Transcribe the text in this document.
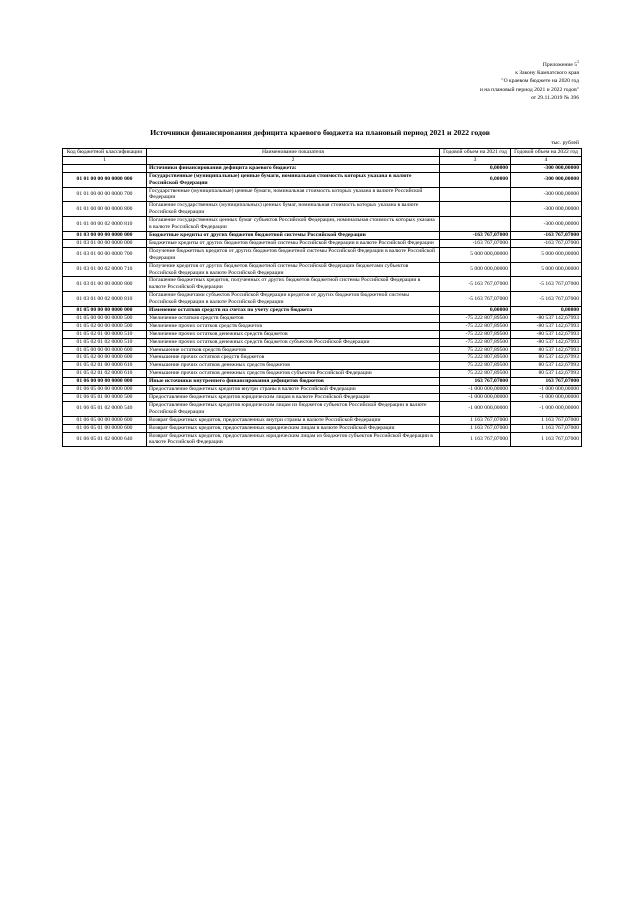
Приложение $5^1$
к Закону Камчатского края
"О краевом бюджете на 2020 год
и на плановый период 2021 и 2022 годов"
от 29.11.2019 № 396
Источники финансирования дефицита краевого бюджета на плановый период 2021 и 2022 годов
тыс. рублей
Код бюджетной классификации	Наименование показателя	Годовой объем на 2021 год	Годовой объем на 2022 год
1	2	3	4
	Источники финансирования дефицита краевого бюджета:	0,00000	-300 000,00000
01 01 00 00 00 0000 000	Государственные (муниципальные) ценные бумаги, номинальная стоимость которых указана в валюте Российской Федерации	0,00000	-300 000,00000
01 01 00 00 00 0000 700	Государственные (муниципальные) ценные бумаги, номинальная стоимость которых указана в валюте Российской Федерации		-300 000,00000
01 01 00 00 00 0000 800	Погашение государственных (муниципальных) ценных бумаг, номинальная стоимость которых указана в валюте Российской Федерации		-300 000,00000
01 01 00 00 02 0000 810	Погашение государственных ценных бумаг субъектов Российской Федерации, номинальная стоимость которых указана в валюте Российской Федерации		-300 000,00000
01 03 00 00 00 0000 000	Бюджетные кредиты от других бюджетов бюджетной системы Российской Федерации	-163 767,07000	-163 767,07000
01 03 01 00 00 0000 000	Бюджетные кредиты от других бюджетов бюджетной системы Российской Федерации в валюте Российской Федерации	-163 767,07000	-163 767,07000
01 03 01 00 00 0000 700	Получение бюджетных кредитов от других бюджетов бюджетной системы Российской Федерации в валюте Российской Федерации	5 000 000,00000	5 000 000,00000
01 03 01 00 02 0000 710	Получение кредитов от других бюджетов бюджетной системы Российской Федерации бюджетами субъектов Российской Федерации в валюте Российской Федерации	5 000 000,00000	5 000 000,00000
01 03 01 00 00 0000 800	Погашение бюджетных кредитов, полученных от других бюджетов бюджетной системы Российской Федерации в валюте Российской Федерации	-5 163 767,07000	-5 163 767,07000
01 03 01 00 02 0000 810	Погашение бюджетами субъектов Российской Федерации кредитов от других бюджетов бюджетной системы Российской Федерации в валюте Российской Федерации	-5 163 767,07000	-5 163 767,07000
01 05 00 00 00 0000 000	Изменение остатков средств на счетах по учету средств бюджета	0,00000	0,00000
01 05 00 00 00 0000 500	Увеличение остатков средств бюджетов	-75 222 807,89500	-80 537 142,67993
01 05 02 00 00 0000 500	Увеличение прочих остатков средств бюджетов	-75 222 807,89500	-80 537 142,67993
01 05 02 01 00 0000 510	Увеличение прочих остатков денежных средств бюджетов	-75 222 807,89500	-80 537 142,67993
01 05 02 01 02 0000 510	Увеличение прочих остатков денежных средств бюджетов субъектов Российской Федерации	-75 222 807,89500	-80 537 142,67993
01 05 00 00 00 0000 600	Уменьшение остатков средств бюджетов	75 222 807,89500	80 537 142,67993
01 05 02 00 00 0000 600	Уменьшение прочих остатков средств бюджетов	75 222 807,89500	80 537 142,67993
01 05 02 01 00 0000 610	Уменьшение прочих остатков денежных средств бюджетов	75 222 807,89500	80 537 142,67993
01 05 02 01 02 0000 610	Уменьшение прочих остатков денежных средств бюджетов субъектов Российской Федерации	75 222 807,89500	80 537 142,67993
01 06 00 00 00 0000 000	Иные источники внутреннего финансирования дефицитов бюджетов	163 767,07000	163 767,07000
01 06 05 00 00 0000 000	Предоставление бюджетных кредитов внутри страны в валюте Российской Федерации	-1 000 000,00000	-1 000 000,00000
01 06 05 01 00 0000 500	Предоставление бюджетных кредитов юридическим лицам в валюте Российской Федерации	-1 000 000,00000	-1 000 000,00000
01 06 05 01 02 0000 540	Предоставление бюджетных кредитов юридическим лицам из бюджетов субъектов Российской Федерации в валюте Российской Федерации	-1 000 000,00000	-1 000 000,00000
01 06 05 00 00 0000 600	Возврат бюджетных кредитов, предоставленных внутри страны в валюте Российской Федерации	1 163 767,07000	1 163 767,07000
01 06 05 01 00 0000 600	Возврат бюджетных кредитов, предоставленных юридическим лицам в валюте Российской Федерации	1 163 767,07000	1 163 767,07000
01 06 05 01 02 0000 640	Возврат бюджетных кредитов, предоставленных юридическим лицам из бюджетов субъектов Российской Федерации в валюте Российской Федерации	1 163 767,07000	1 163 767,07000
